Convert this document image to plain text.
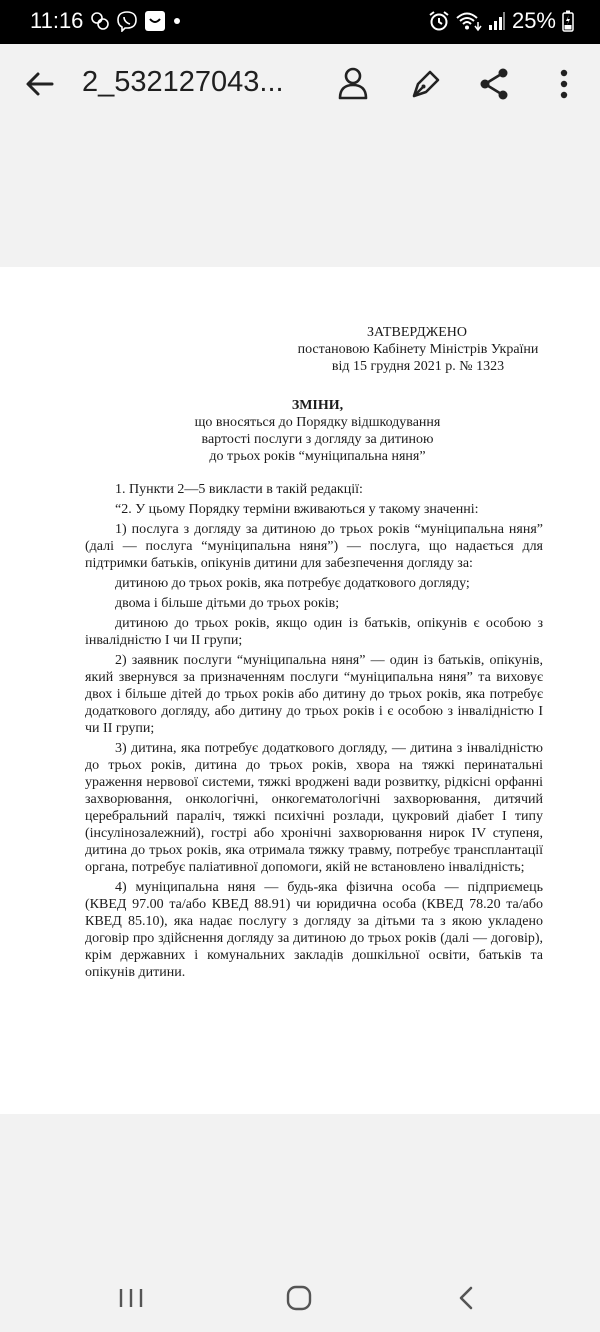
11:16	25%
2_532127043...
ЗАТВЕРДЖЕНО
постановою Кабінету Міністрів України
від 15 грудня 2021 р. № 1323
ЗМІНИ,
що вносяться до Порядку відшкодування
вартості послуги з догляду за дитиною
до трьох років “муніципальна няня”

1. Пункти 2—5 викласти в такій редакції:

“2. У цьому Порядку терміни вживаються у такому значенні:

1) послуга з догляду за дитиною до трьох років “муніципальна няня” (далі — послуга “муніципальна няня”) — послуга, що надається для підтримки батьків, опікунів дитини для забезпечення догляду за:

дитиною до трьох років, яка потребує додаткового догляду;

двома і більше дітьми до трьох років;

дитиною до трьох років, якщо один із батьків, опікунів є особою з інвалідністю I чи II групи;

2) заявник послуги “муніципальна няня” — один із батьків, опікунів, який звернувся за призначенням послуги “муніципальна няня” та виховує двох і більше дітей до трьох років або дитину до трьох років, яка потребує додаткового догляду, або дитину до трьох років і є особою з інвалідністю I чи II групи;

3) дитина, яка потребує додаткового догляду, — дитина з інвалідністю до трьох років, дитина до трьох років, хвора на тяжкі перинатальні ураження нервової системи, тяжкі вроджені вади розвитку, рідкісні орфанні захворювання, онкологічні, онкогематологічні захворювання, дитячий церебральний параліч, тяжкі психічні розлади, цукровий діабет I типу (інсулінозалежний), гострі або хронічні захворювання нирок IV ступеня, дитина до трьох років, яка отримала тяжку травму, потребує трансплантації органа, потребує паліативної допомоги, якій не встановлено інвалідність;

4) муніципальна няня — будь-яка фізична особа — підприємець (КВЕД 97.00 та/або КВЕД 88.91) чи юридична особа (КВЕД 78.20 та/або КВЕД 85.10), яка надає послугу з догляду за дітьми та з якою укладено договір про здійснення догляду за дитиною до трьох років (далі — договір), крім державних і комунальних закладів дошкільної освіти, батьків та опікунів дитини.
